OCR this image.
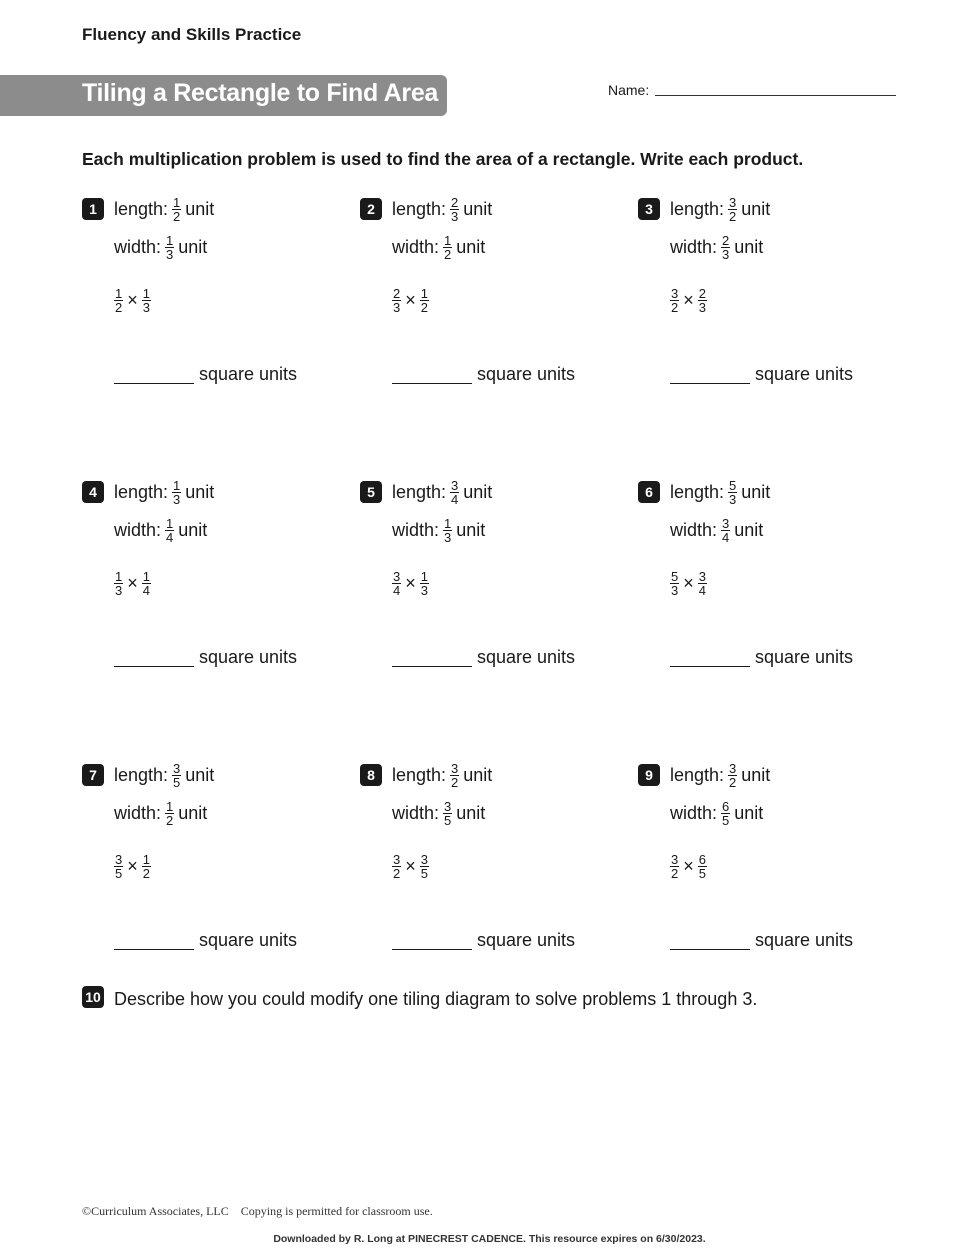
Fluency and Skills Practice
Tiling a Rectangle to Find Area	Name:
Each multiplication problem is used to find the area of a rectangle. Write each product.
1 length: $\frac{1}{2}$ unit
width: $\frac{1}{3}$ unit
$\frac{1}{2} \times \frac{1}{3}$
square units
2 length: $\frac{2}{3}$ unit
width: $\frac{1}{2}$ unit
$\frac{2}{3} \times \frac{1}{2}$
square units
3 length: $\frac{3}{2}$ unit
width: $\frac{2}{3}$ unit
$\frac{3}{2} \times \frac{2}{3}$
square units
4 length: $\frac{1}{3}$ unit
width: $\frac{1}{4}$ unit
$\frac{1}{3} \times \frac{1}{4}$
square units
5 length: $\frac{3}{4}$ unit
width: $\frac{1}{3}$ unit
$\frac{3}{4} \times \frac{1}{3}$
square units
6 length: $\frac{5}{3}$ unit
width: $\frac{3}{4}$ unit
$\frac{5}{3} \times \frac{3}{4}$
square units
7 length: $\frac{3}{5}$ unit
width: $\frac{1}{2}$ unit
$\frac{3}{5} \times \frac{1}{2}$
square units
8 length: $\frac{3}{2}$ unit
width: $\frac{3}{5}$ unit
$\frac{3}{2} \times \frac{3}{5}$
square units
9 length: $\frac{3}{2}$ unit
width: $\frac{6}{5}$ unit
$\frac{3}{2} \times \frac{6}{5}$
square units
10 Describe how you could modify one tiling diagram to solve problems 1 through 3.
©Curriculum Associates, LLC    Copying is permitted for classroom use.
Downloaded by R. Long at PINECREST CADENCE. This resource expires on 6/30/2023.
